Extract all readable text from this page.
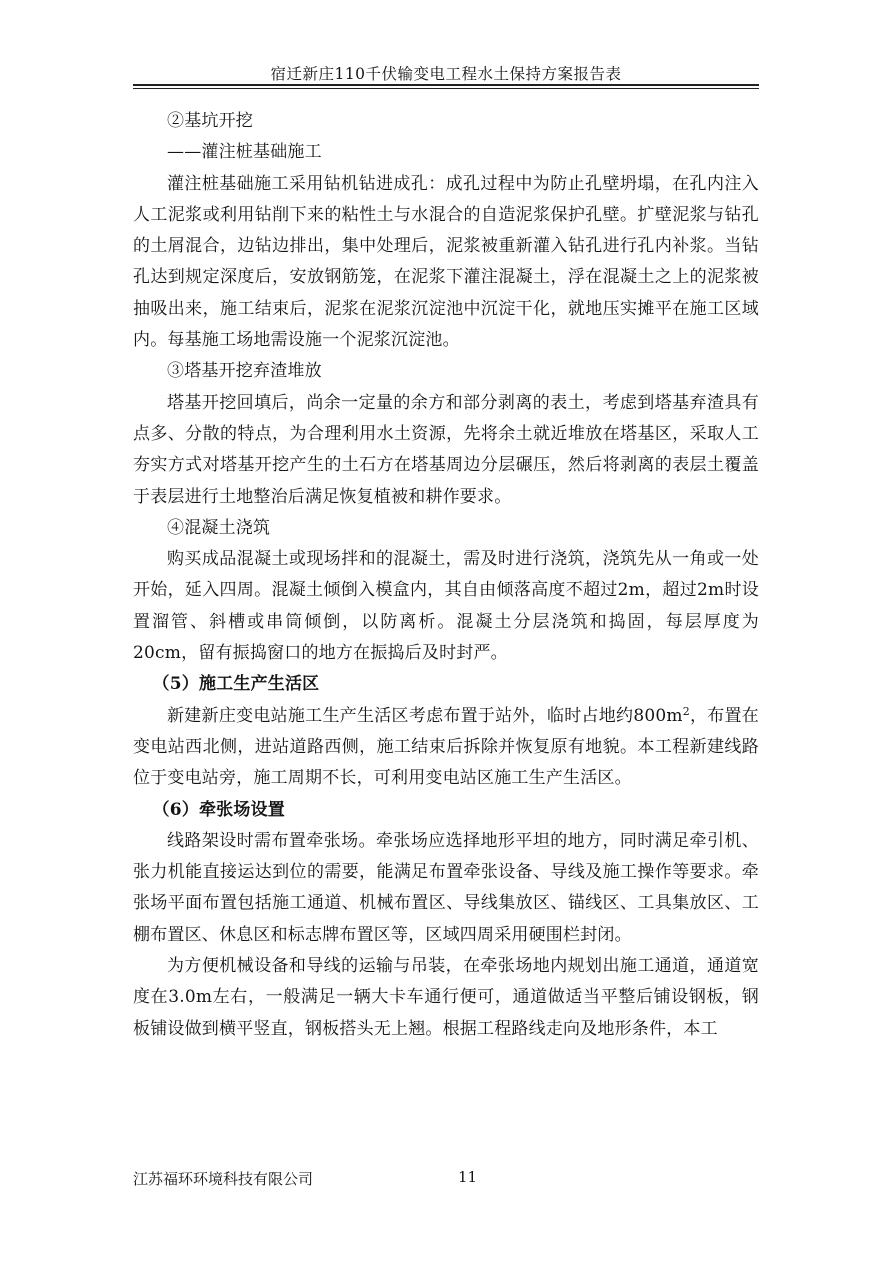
宿迁新庄110千伏输变电工程水土保持方案报告表

②基坑开挖

——灌注桩基础施工

灌注桩基础施工采用钻机钻进成孔：成孔过程中为防止孔壁坍塌，在孔内注入人工泥浆或利用钻削下来的粘性土与水混合的自造泥浆保护孔壁。扩壁泥浆与钻孔的土屑混合，边钻边排出，集中处理后，泥浆被重新灌入钻孔进行孔内补浆。当钻孔达到规定深度后，安放钢筋笼，在泥浆下灌注混凝土，浮在混凝土之上的泥浆被抽吸出来，施工结束后，泥浆在泥浆沉淀池中沉淀干化，就地压实摊平在施工区域内。每基施工场地需设施一个泥浆沉淀池。

③塔基开挖弃渣堆放

塔基开挖回填后，尚余一定量的余方和部分剥离的表土，考虑到塔基弃渣具有点多、分散的特点，为合理利用水土资源，先将余土就近堆放在塔基区，采取人工夯实方式对塔基开挖产生的土石方在塔基周边分层碾压，然后将剥离的表层土覆盖于表层进行土地整治后满足恢复植被和耕作要求。

④混凝土浇筑

购买成品混凝土或现场拌和的混凝土，需及时进行浇筑，浇筑先从一角或一处开始，延入四周。混凝土倾倒入模盒内，其自由倾落高度不超过2m，超过2m时设置溜管、斜槽或串筒倾倒，以防离析。混凝土分层浇筑和捣固，每层厚度为20cm，留有振捣窗口的地方在振捣后及时封严。

（5）施工生产生活区

新建新庄变电站施工生产生活区考虑布置于站外，临时占地约$800m^2$，布置在变电站西北侧，进站道路西侧，施工结束后拆除并恢复原有地貌。本工程新建线路位于变电站旁，施工周期不长，可利用变电站区施工生产生活区。

（6）牵张场设置

线路架设时需布置牵张场。牵张场应选择地形平坦的地方，同时满足牵引机、张力机能直接运达到位的需要，能满足布置牵张设备、导线及施工操作等要求。牵张场平面布置包括施工通道、机械布置区、导线集放区、锚线区、工具集放区、工棚布置区、休息区和标志牌布置区等，区域四周采用硬围栏封闭。

为方便机械设备和导线的运输与吊装，在牵张场地内规划出施工通道，通道宽度在3.0m左右，一般满足一辆大卡车通行便可，通道做适当平整后铺设钢板，钢板铺设做到横平竖直，钢板搭头无上翘。根据工程路线走向及地形条件，本工

江苏福环环境科技有限公司	11
